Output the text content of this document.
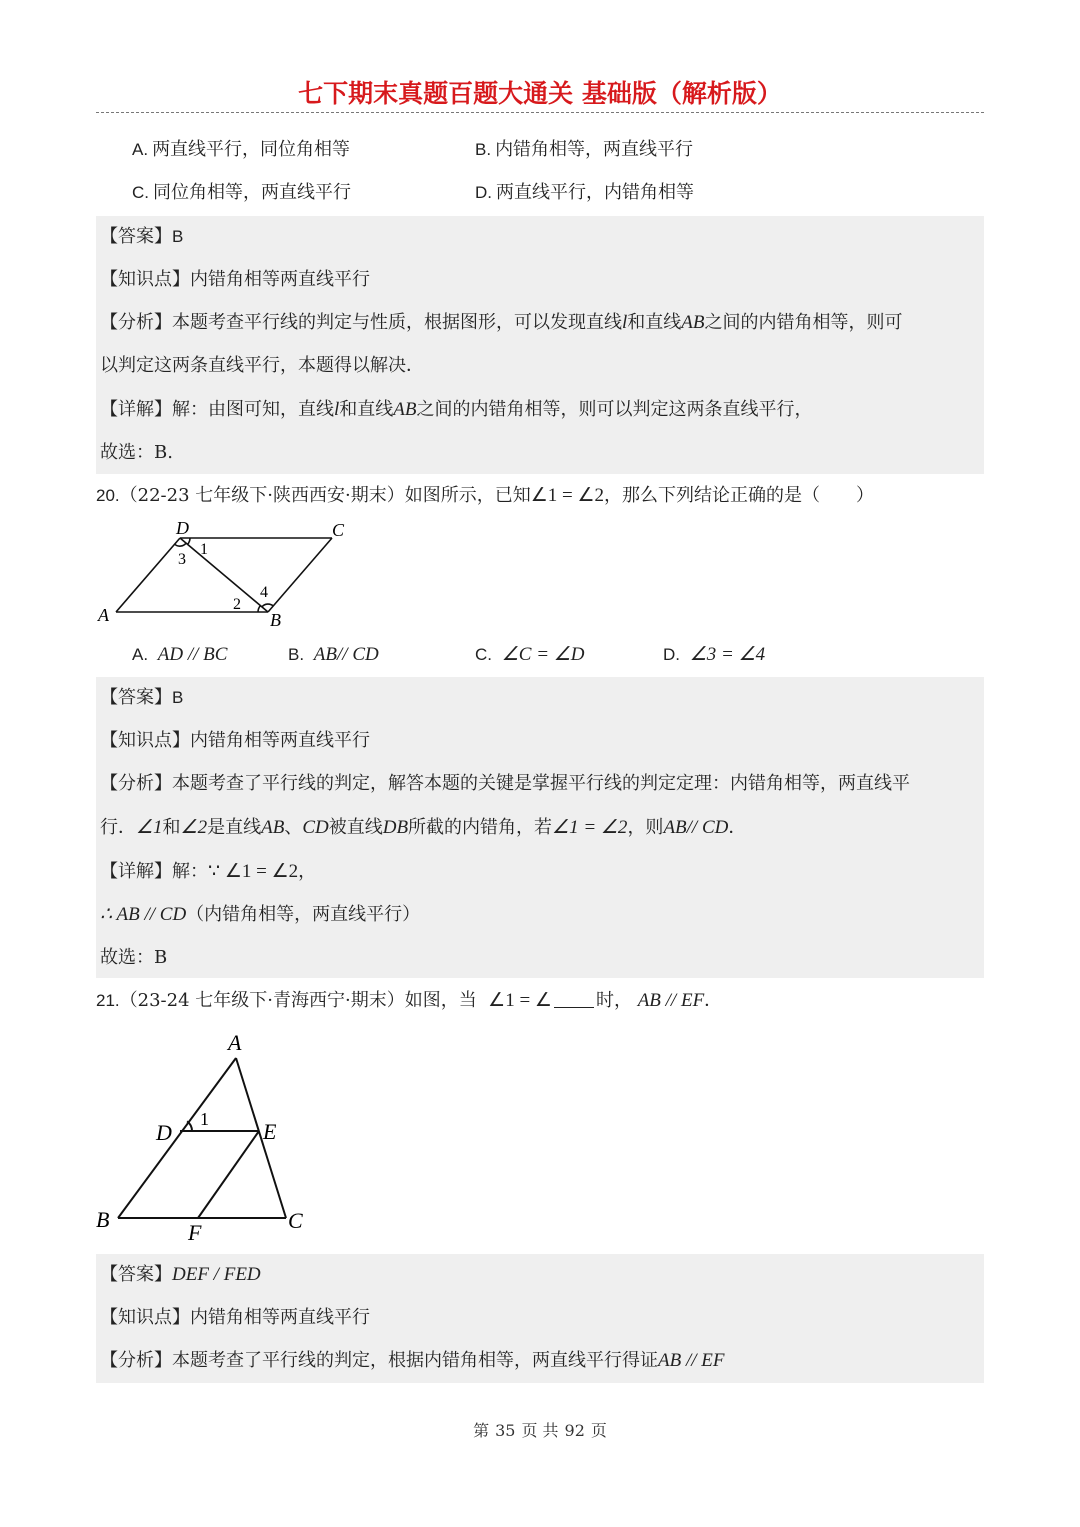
七下期末真题百题大通关 基础版（解析版）
A. 两直线平行，同位角相等	B. 内错角相等，两直线平行
C. 同位角相等，两直线平行	D. 两直线平行，内错角相等
【答案】B
【知识点】内错角相等两直线平行
【分析】本题考查平行线的判定与性质，根据图形，可以发现直线l和直线AB之间的内错角相等，则可
以判定这两条直线平行，本题得以解决．
【详解】解：由图可知，直线l和直线AB之间的内错角相等，则可以判定这两条直线平行，
故选：B.
20.（22-23 七年级下·陕西西安·期末）如图所示，已知∠1 = ∠2，那么下列结论正确的是（　　）
D	C
A	B
1
3
2
4
A. AD // BC	B. AB// CD	C. ∠C = ∠D	D. ∠3 = ∠4
【答案】B
【知识点】内错角相等两直线平行
【分析】本题考查了平行线的判定，解答本题的关键是掌握平行线的判定定理：内错角相等，两直线平
行．∠1和∠2是直线AB、CD被直线DB所截的内错角，若∠1 = ∠2，则AB// CD．
【详解】解：∵ ∠1 = ∠2，
∴ AB // CD（内错角相等，两直线平行）
故选：B
21.（23-24 七年级下·青海西宁·期末）如图，当 ∠1 = ∠ 时， AB // EF．
A
D	E
B
F	C
1
【答案】DEF / FED
【知识点】内错角相等两直线平行
【分析】本题考查了平行线的判定，根据内错角相等，两直线平行得证AB // EF
第 35 页 共 92 页
